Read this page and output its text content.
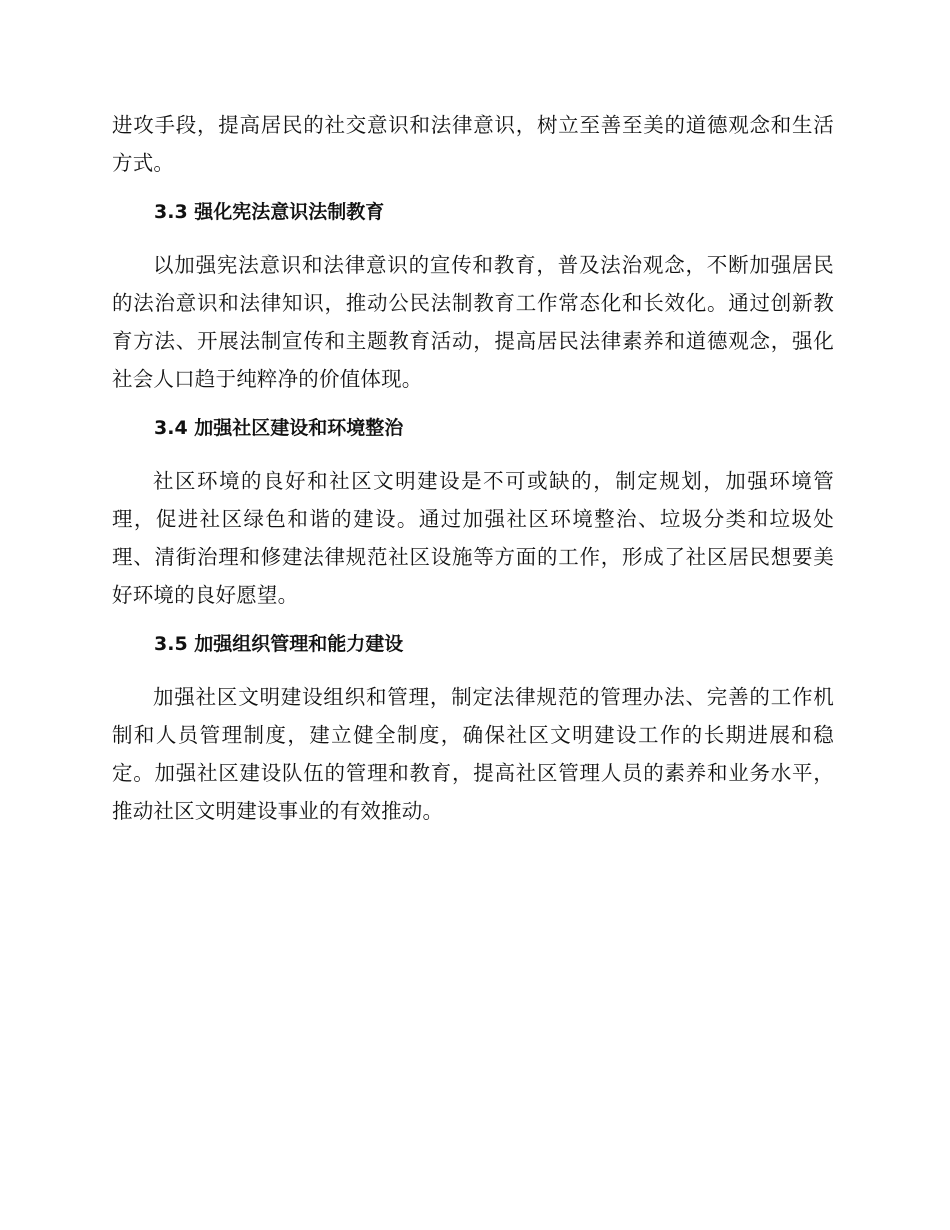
进攻手段，提高居民的社交意识和法律意识，树立至善至美的道德观念和生活方式。

3.3 强化宪法意识法制教育

以加强宪法意识和法律意识的宣传和教育，普及法治观念，不断加强居民的法治意识和法律知识，推动公民法制教育工作常态化和长效化。通过创新教育方法、开展法制宣传和主题教育活动，提高居民法律素养和道德观念，强化社会人口趋于纯粹净的价值体现。

3.4 加强社区建设和环境整治

社区环境的良好和社区文明建设是不可或缺的，制定规划，加强环境管理，促进社区绿色和谐的建设。通过加强社区环境整治、垃圾分类和垃圾处理、清街治理和修建法律规范社区设施等方面的工作，形成了社区居民想要美好环境的良好愿望。

3.5 加强组织管理和能力建设

加强社区文明建设组织和管理，制定法律规范的管理办法、完善的工作机制和人员管理制度，建立健全制度，确保社区文明建设工作的长期进展和稳定。加强社区建设队伍的管理和教育，提高社区管理人员的素养和业务水平，推动社区文明建设事业的有效推动。
